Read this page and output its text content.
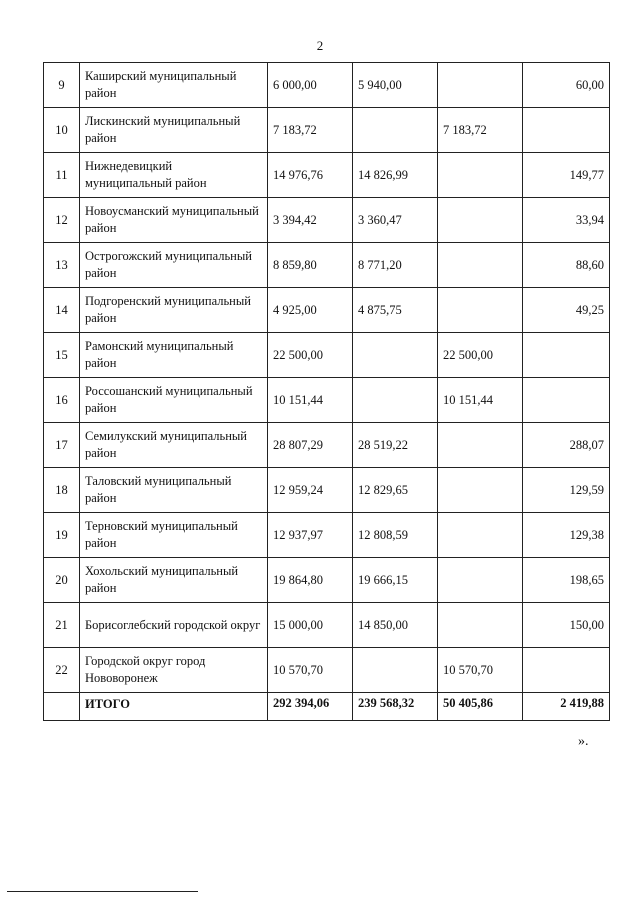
2
9	Каширский муниципальный район	6 000,00	5 940,00		60,00
10	Лискинский муниципальный район	7 183,72		7 183,72	
11	Нижнедевицкий муниципальный район	14 976,76	14 826,99		149,77
12	Новоусманский муниципальный район	3 394,42	3 360,47		33,94
13	Острогожский муниципальный район	8 859,80	8 771,20		88,60
14	Подгоренский муниципальный район	4 925,00	4 875,75		49,25
15	Рамонский муниципальный район	22 500,00		22 500,00	
16	Россошанский муниципальный район	10 151,44		10 151,44	
17	Семилукский муниципальный район	28 807,29	28 519,22		288,07
18	Таловский муниципальный район	12 959,24	12 829,65		129,59
19	Терновский муниципальный район	12 937,97	12 808,59		129,38
20	Хохольский муниципальный район	19 864,80	19 666,15		198,65
21	Борисоглебский городской округ	15 000,00	14 850,00		150,00
22	Городской округ город Нововоронеж	10 570,70		10 570,70	
	ИТОГО	292 394,06	239 568,32	50 405,86	2 419,88
».
